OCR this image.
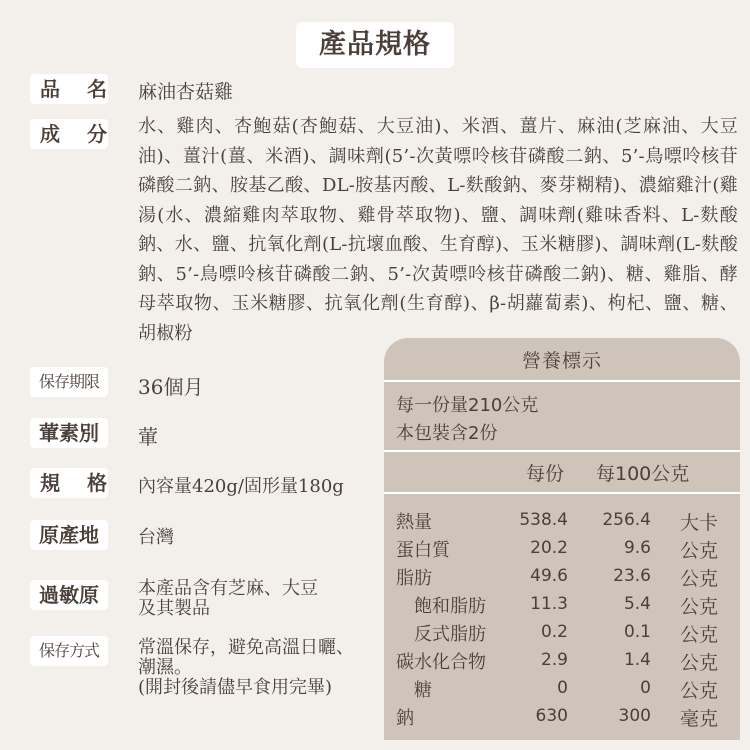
產品規格
品 名 麻油杏菇雞
成 分 水、雞肉、杏鮑菇(杏鮑菇、大豆油)、米酒、薑片、麻油(芝麻油、大豆油)、薑汁(薑、米酒)、調味劑(5’-次黃嘌呤核苷磷酸二鈉、5’-鳥嘌呤核苷磷酸二鈉、胺基乙酸、DL-胺基丙酸、L-麩酸鈉、麥芽糊精)、濃縮雞汁(雞湯(水、濃縮雞肉萃取物、雞骨萃取物)、鹽、調味劑(雞味香料、L-麩酸鈉、水、鹽、抗氧化劑(L-抗壞血酸、生育醇)、玉米糖膠)、調味劑(L-麩酸鈉、5’-鳥嘌呤核苷磷酸二鈉、5’-次黃嘌呤核苷磷酸二鈉)、糖、雞脂、酵母萃取物、玉米糖膠、抗氧化劑(生育醇)、β-胡蘿蔔素)、枸杞、鹽、糖、胡椒粉
保存期限	36個月
葷素別	葷
規 格 內容量420g/固形量180g
原產地	台灣
過敏原	本產品含有芝麻、大豆
及其製品
保存方式	常溫保存，避免高溫日曬、
潮濕。
(開封後請儘早食用完畢)
營養標示
每一份量210公克
本包裝含2份
每份 每100公克
熱量	538.4 256.4 大卡
蛋白質	20.2	9.6 公克
脂肪	49.6	23.6 公克
飽和脂肪	11.3	5.4 公克
反式脂肪	0.2	0.1 公克
碳水化合物	2.9	1.4 公克
糖	0	0 公克
鈉	630	300 毫克
